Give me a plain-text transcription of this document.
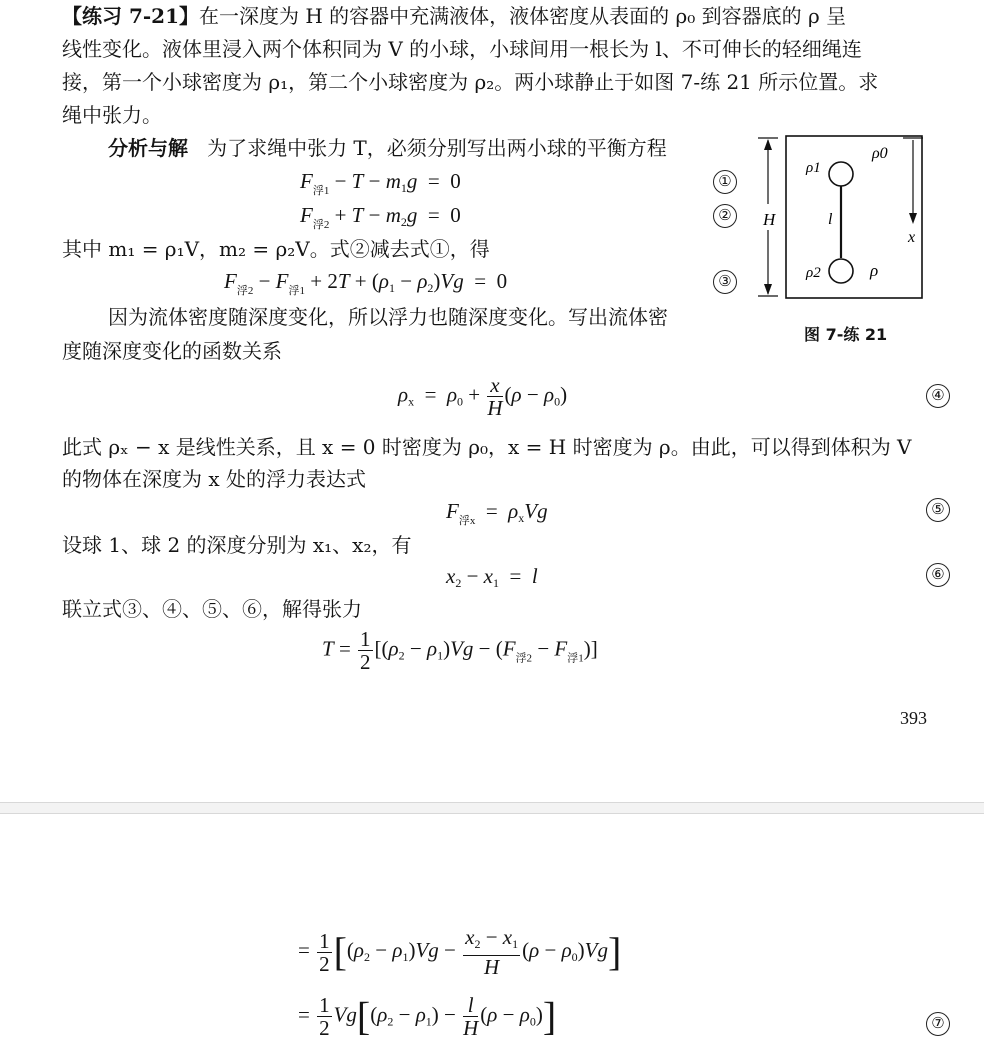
【练习 7-21】在一深度为 H 的容器中充满液体，液体密度从表面的 ρ₀ 到容器底的 ρ 呈
线性变化。液体里浸入两个体积同为 V 的小球，小球间用一根长为 l、不可伸长的轻细绳连
接，第一个小球密度为 ρ₁，第二个小球密度为 ρ₂。两小球静止于如图 7-练 21 所示位置。求
绳中张力。
分析与解 为了求绳中张力 T，必须分别写出两小球的平衡方程
$F_{浮1} - T - m_1g = 0$	①
$F_{浮2} + T - m_2g = 0$	②
其中 m₁ = ρ₁V，m₂ = ρ₂V。式②减去式①，得
$F_{浮2} - F_{浮1} + 2T + (\rho_1 - \rho_2)Vg = 0$	③
因为流体密度随深度变化，所以浮力也随深度变化。写出流体密
度随深度变化的函数关系
H
x
ρ0
ρ1
ρ2
l
ρ
图 7-练 21
$\rho_x = \rho_0 + \frac{x}{H} (\rho - \rho_0)$	④
此式 ρₓ − x 是线性关系，且 x = 0 时密度为 ρ₀，x = H 时密度为 ρ。由此，可以得到体积为 V
的物体在深度为 x 处的浮力表达式
$F_{浮x} = \rho_xVg$	⑤
设球 1、球 2 的深度分别为 x₁、x₂，有
$x_2 - x_1 = l$	⑥
联立式③、④、⑤、⑥，解得张力
$T = \frac{1}{2} [(\rho_2 - \rho_1)Vg - (F_{浮2} - F_{浮1})]$
393
= $\frac{1}{2} [(\rho_2 - \rho_1)Vg - \frac{x_2 - x_1}{H} (\rho - \rho_0)Vg]$
= $\frac{1}{2} Vg[(\rho_2 - \rho_1) - \frac{l}{H} (\rho - \rho_0)]$	⑦
